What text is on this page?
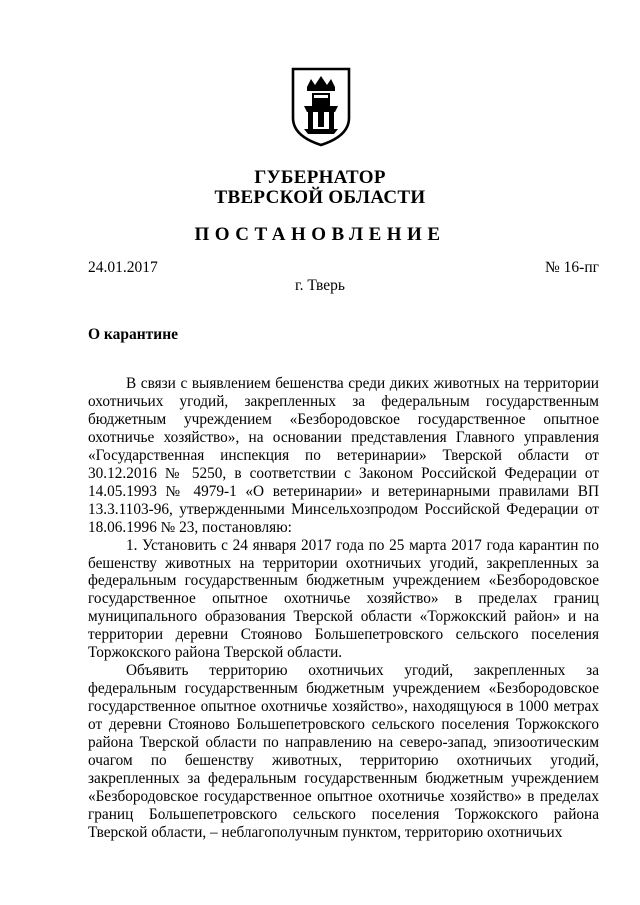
ГУБЕРНАТОР
ТВЕРСКОЙ ОБЛАСТИ
ПОСТАНОВЛЕНИЕ
24.01.2017	№ 16-пг
г. Тверь
О карантине

В связи с выявлением бешенства среди диких животных на территории охотничьих угодий, закрепленных за федеральным государственным бюджетным учреждением «Безбородовское государственное опытное охотничье хозяйство», на основании представления Главного управления «Государственная инспекция по ветеринарии» Тверской области от 30.12.2016 № 5250, в соответствии с Законом Российской Федерации от 14.05.1993 № 4979-1 «О ветеринарии» и ветеринарными правилами ВП 13.3.1103-96, утвержденными Минсельхозпродом Российской Федерации от 18.06.1996 № 23, постановляю:

1. Установить с 24 января 2017 года по 25 марта 2017 года карантин по бешенству животных на территории охотничьих угодий, закрепленных за федеральным государственным бюджетным учреждением «Безбородовское государственное опытное охотничье хозяйство» в пределах границ муниципального образования Тверской области «Торжокский район» и на территории деревни Стояново Большепетровского сельского поселения Торжокского района Тверской области.

Объявить территорию охотничьих угодий, закрепленных за федеральным государственным бюджетным учреждением «Безбородовское государственное опытное охотничье хозяйство», находящуюся в 1000 метрах от деревни Стояново Большепетровского сельского поселения Торжокского района Тверской области по направлению на северо-запад, эпизоотическим очагом по бешенству животных, территорию охотничьих угодий, закрепленных за федеральным государственным бюджетным учреждением «Безбородовское государственное опытное охотничье хозяйство» в пределах границ Большепетровского сельского поселения Торжокского района Тверской области, – неблагополучным пунктом, территорию охотничьих
